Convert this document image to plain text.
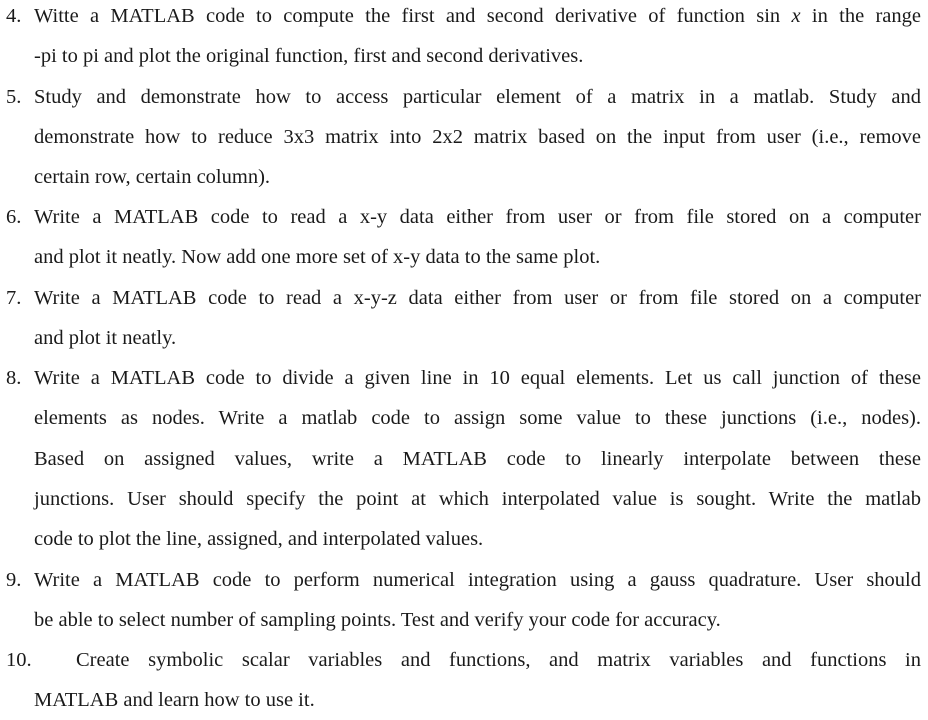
4. Witte a MATLAB code to compute the first and second derivative of function sin x in the range
-pi to pi and plot the original function, first and second derivatives.
5. Study and demonstrate how to access particular element of a matrix in a matlab. Study and
demonstrate how to reduce 3x3 matrix into 2x2 matrix based on the input from user (i.e., remove
certain row, certain column).
6. Write a MATLAB code to read a x-y data either from user or from file stored on a computer
and plot it neatly. Now add one more set of x-y data to the same plot.
7. Write a MATLAB code to read a x-y-z data either from user or from file stored on a computer
and plot it neatly.
8. Write a MATLAB code to divide a given line in 10 equal elements. Let us call junction of these
elements as nodes. Write a matlab code to assign some value to these junctions (i.e., nodes).
Based on assigned values, write a MATLAB code to linearly interpolate between these
junctions. User should specify the point at which interpolated value is sought. Write the matlab
code to plot the line, assigned, and interpolated values.
9. Write a MATLAB code to perform numerical integration using a gauss quadrature. User should
be able to select number of sampling points. Test and verify your code for accuracy.
10. Create symbolic scalar variables and functions, and matrix variables and functions in
MATLAB and learn how to use it.
